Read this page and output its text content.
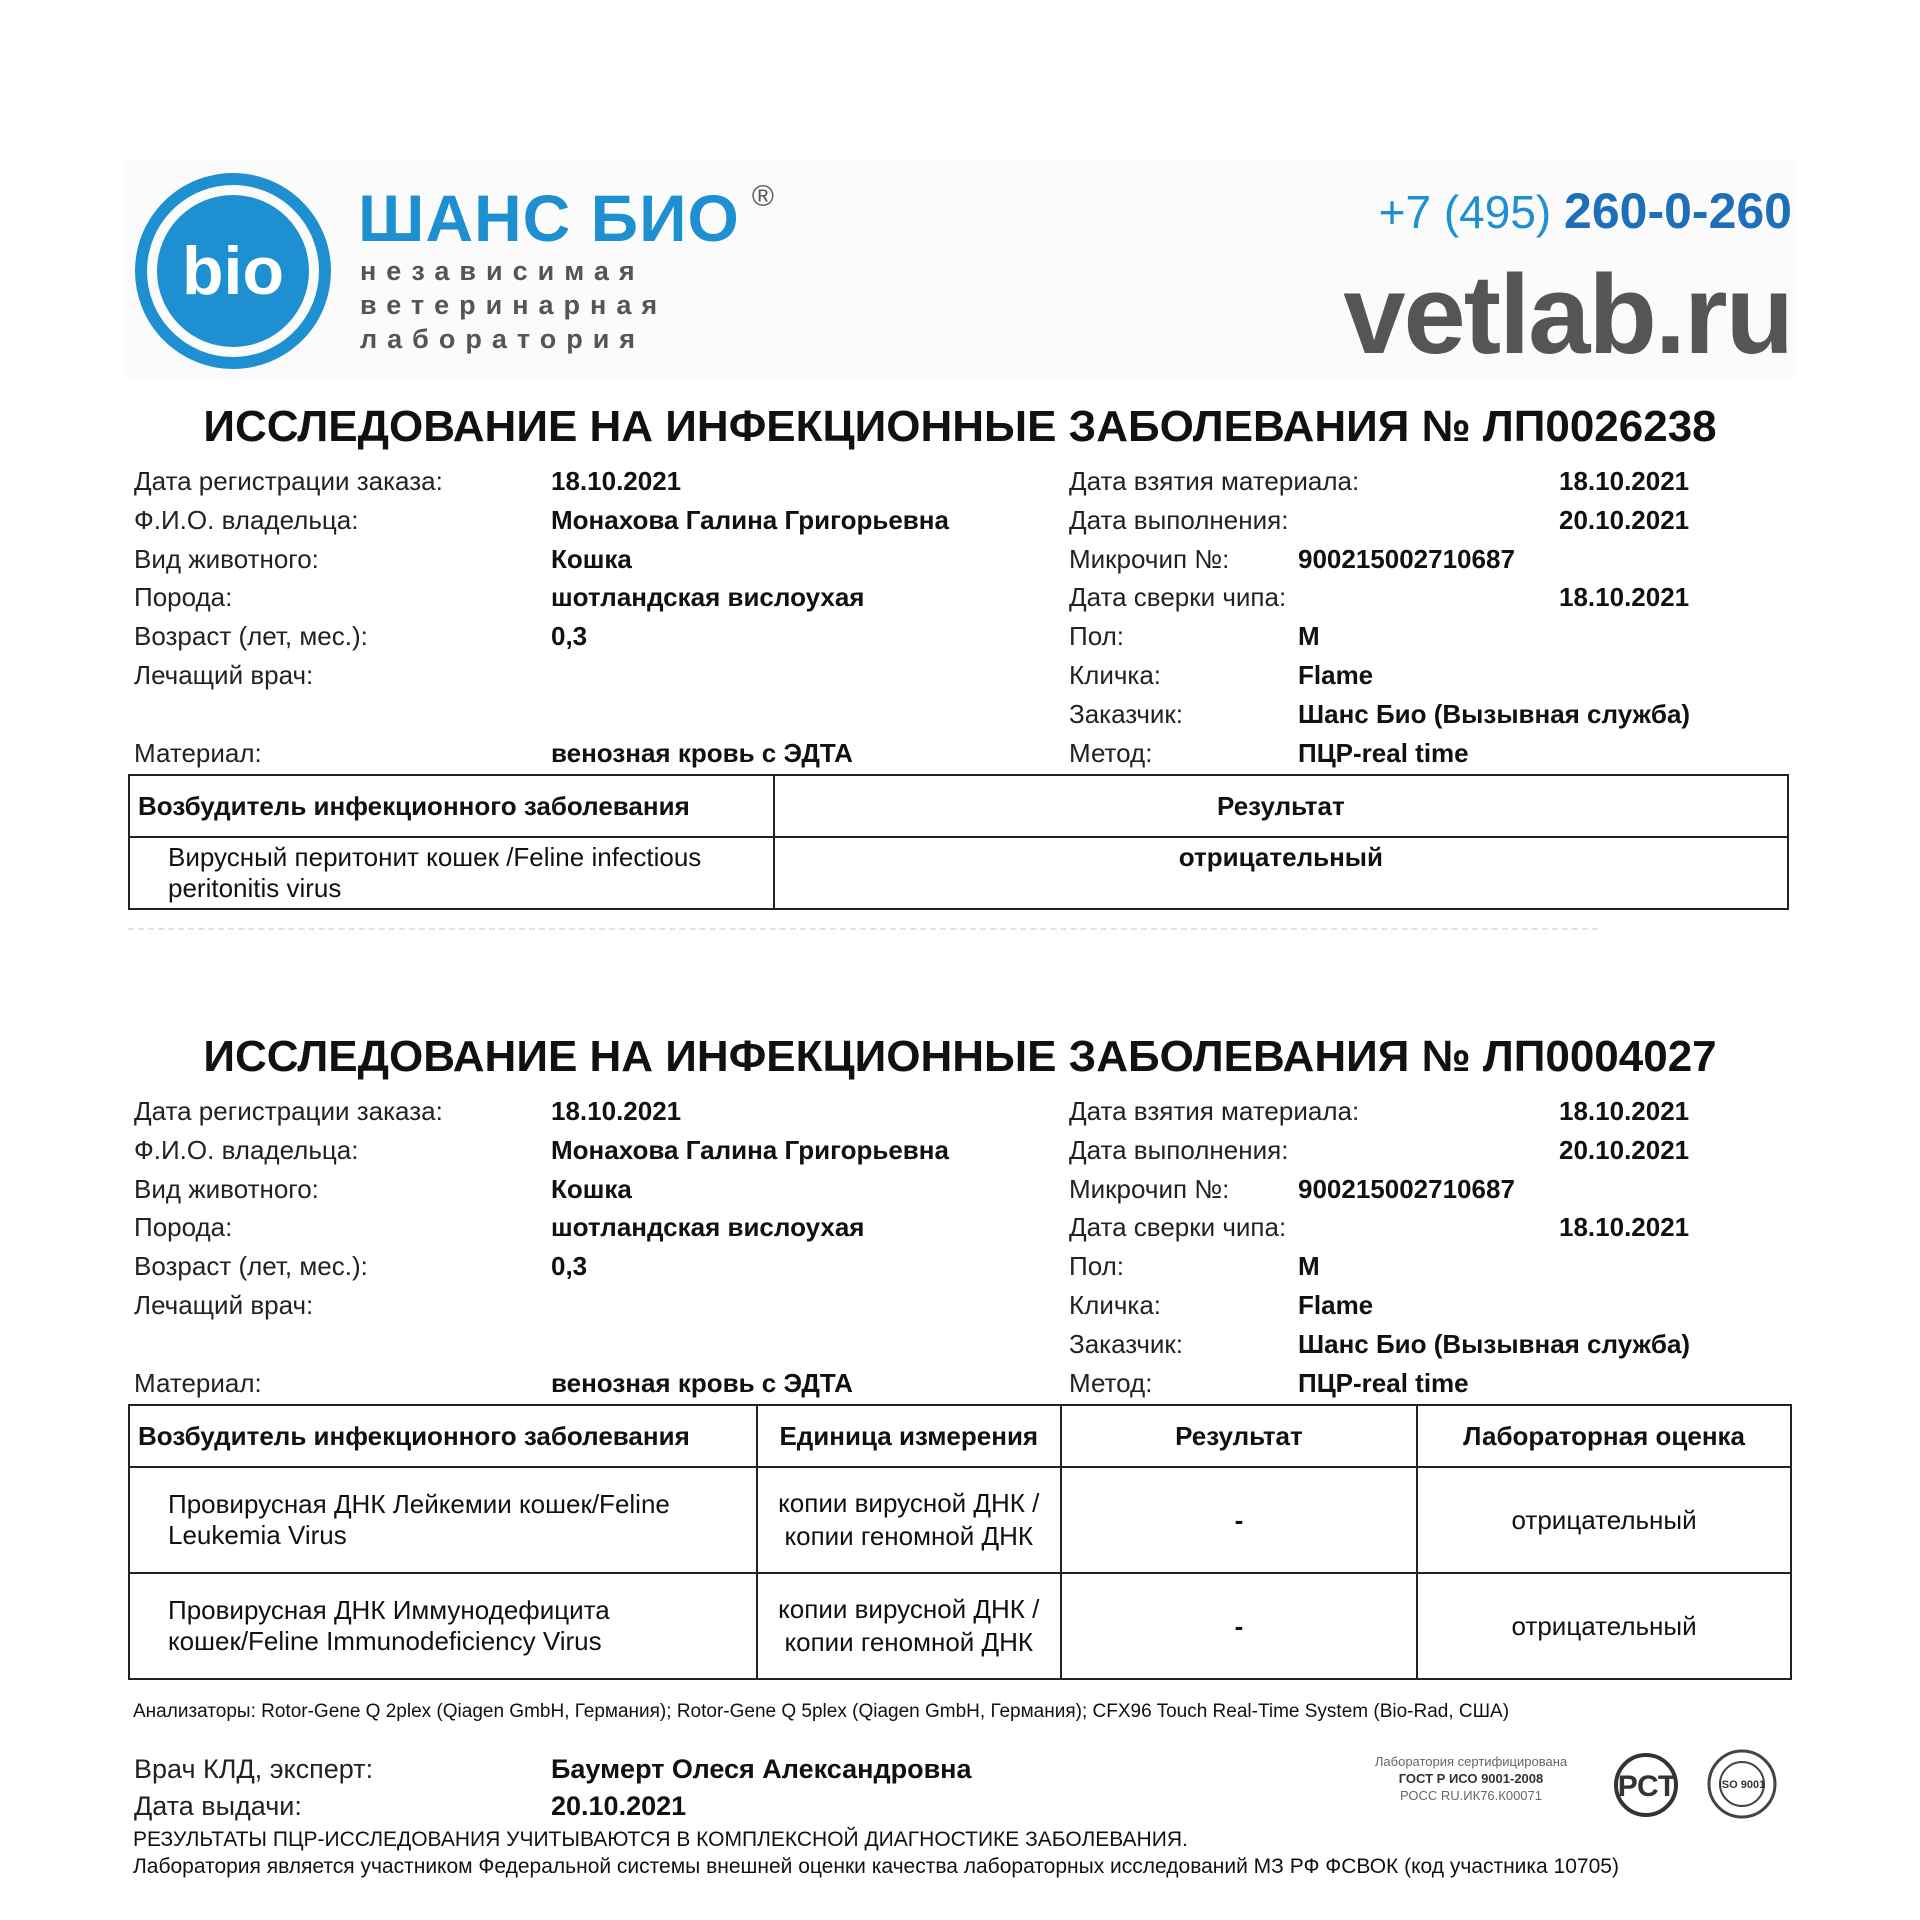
bio
ШАНС БИО ®
независимая
ветеринарная
лаборатория
+7 (495) 260-0-260
vetlab.ru
ИССЛЕДОВАНИЕ НА ИНФЕКЦИОННЫЕ ЗАБОЛЕВАНИЯ № ЛП0026238
Дата регистрации заказа:	18.10.2021
Ф.И.О. владельца:	Монахова Галина Григорьевна
Вид животного:	Кошка
Порода:	шотландская вислоухая
Возраст (лет, мес.):	0,3
Лечащий врач:
Дата взятия материала:	18.10.2021
Дата выполнения:	20.10.2021
Микрочип №:	900215002710687
Дата сверки чипа:	18.10.2021
Пол:	М
Кличка:	Flame
Заказчик:	Шанс Био (Вызывная служба)
Материал:	венозная кровь с ЭДТА	Метод:	ПЦР-real time
Возбудитель инфекционного заболевания	Результат
Вирусный перитонит кошек /Feline infectious peritonitis virus	отрицательный
ИССЛЕДОВАНИЕ НА ИНФЕКЦИОННЫЕ ЗАБОЛЕВАНИЯ № ЛП0004027
Дата регистрации заказа:	18.10.2021
Ф.И.О. владельца:	Монахова Галина Григорьевна
Вид животного:	Кошка
Порода:	шотландская вислоухая
Возраст (лет, мес.):	0,3
Лечащий врач:
Дата взятия материала:	18.10.2021
Дата выполнения:	20.10.2021
Микрочип №:	900215002710687
Дата сверки чипа:	18.10.2021
Пол:	М
Кличка:	Flame
Заказчик:	Шанс Био (Вызывная служба)
Материал:	венозная кровь с ЭДТА	Метод:	ПЦР-real time
Возбудитель инфекционного заболевания	Единица измерения	Результат	Лабораторная оценка
Провирусная ДНК Лейкемии кошек/Feline Leukemia Virus	копии вирусной ДНК / копии геномной ДНК	-	отрицательный
Провирусная ДНК Иммунодефицита кошек/Feline Immunodeficiency Virus	копии вирусной ДНК / копии геномной ДНК	-	отрицательный
Анализаторы: Rotor-Gene Q 2plex (Qiagen GmbH, Германия); Rotor-Gene Q 5plex (Qiagen GmbH, Германия); CFX96 Touch Real-Time System (Bio-Rad, США)
Врач КЛД, эксперт:	Баумерт Олеся Александровна
Дата выдачи:	20.10.2021
РЕЗУЛЬТАТЫ ПЦР-ИССЛЕДОВАНИЯ УЧИТЫВАЮТСЯ В КОМПЛЕКСНОЙ ДИАГНОСТИКЕ ЗАБОЛЕВАНИЯ.
Лаборатория является участником Федеральной системы внешней оценки качества лабораторных исследований МЗ РФ ФСВОК (код участника 10705)
Лаборатория сертифицирована
ГОСТ Р ИСО 9001-2008
РОСС RU.ИК76.К00071	РСТ	ISO 9001
